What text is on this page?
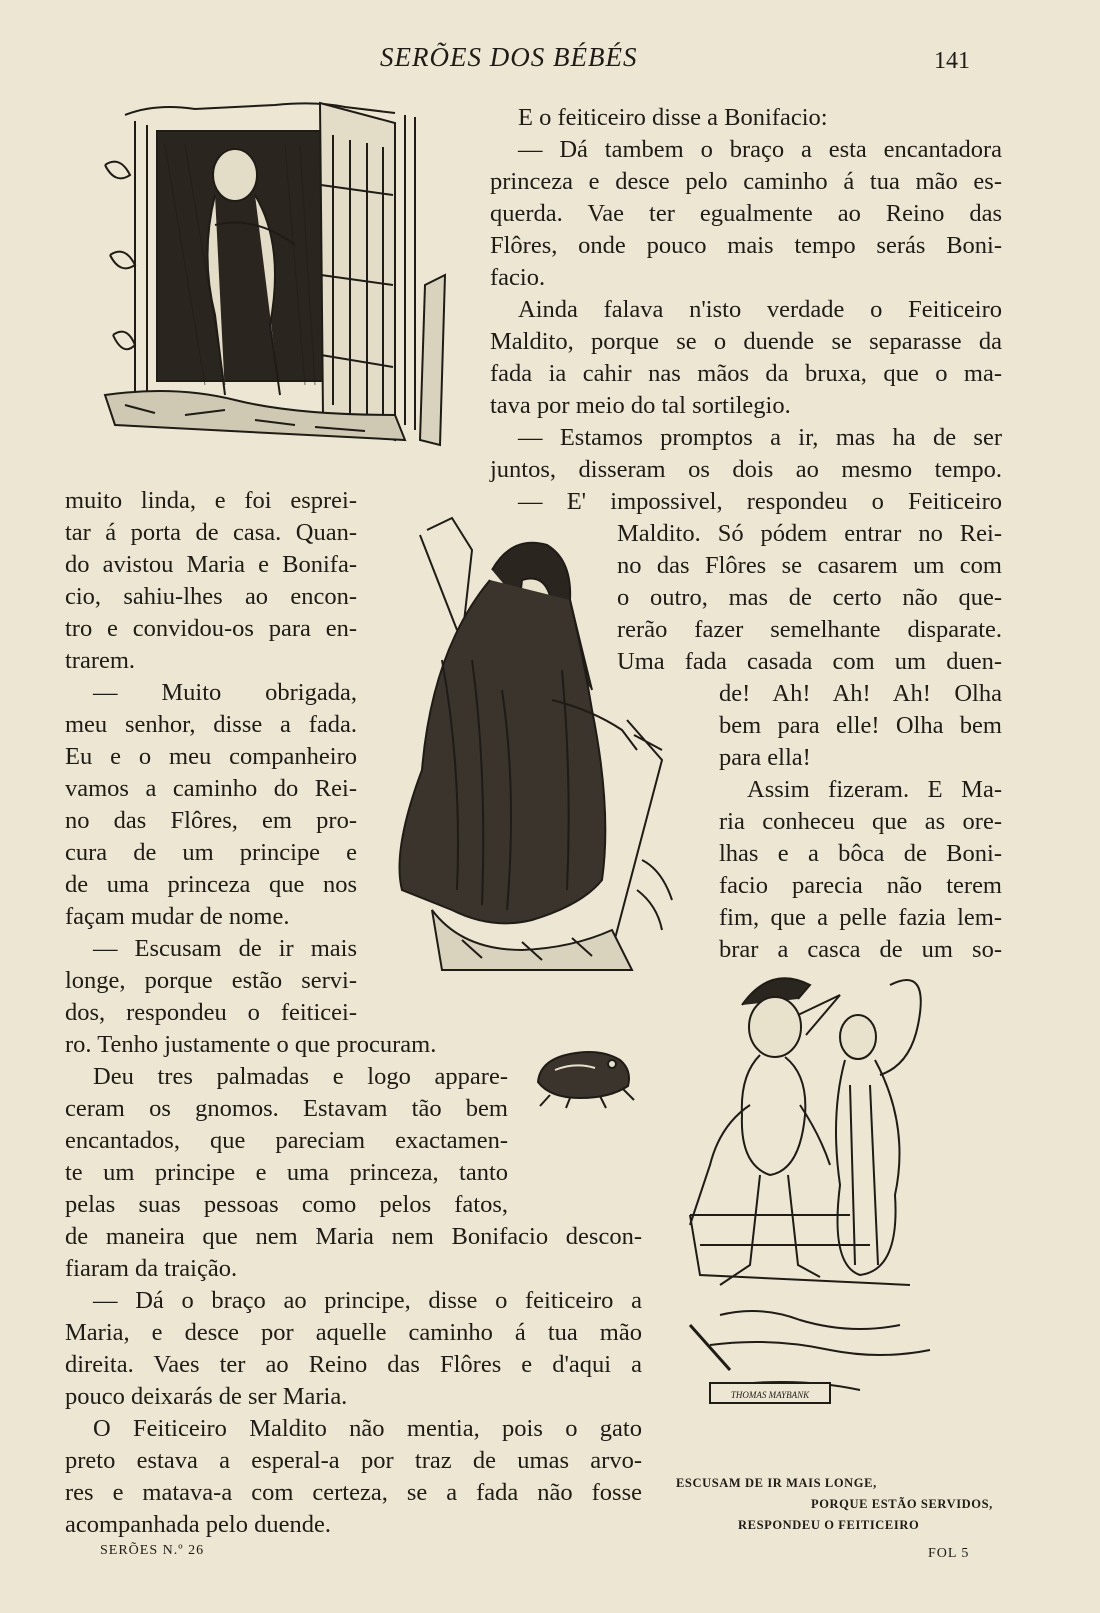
SERÕES DOS BÉBÉS	141
THOMAS MAYBANK
E o feiticeiro disse a Bonifacio:
— Dá tambem o braço a esta encantadora
princeza e desce pelo caminho á tua mão es-
querda. Vae ter egualmente ao Reino das
Flôres, onde pouco mais tempo serás Boni-
facio.
Ainda falava n'isto verdade o Feiticeiro
Maldito, porque se o duende se separasse da
fada ia cahir nas mãos da bruxa, que o ma-
tava por meio do tal sortilegio.
— Estamos promptos a ir, mas ha de ser
juntos, disseram os dois ao mesmo tempo.
— E' impossivel, respondeu o Feiticeiro
Maldito. Só pódem entrar no Rei-
no das Flôres se casarem um com
o outro, mas de certo não que-
rerão fazer semelhante disparate.
Uma fada casada com um duen-
de! Ah! Ah! Ah! Olha
bem para elle! Olha bem
para ella!
Assim fizeram. E Ma-
ria conheceu que as ore-
lhas e a bôca de Boni-
facio parecia não terem
fim, que a pelle fazia lem-
brar a casca de um so-
muito linda, e foi esprei-
tar á porta de casa. Quan-
do avistou Maria e Bonifa-
cio, sahiu-lhes ao encon-
tro e convidou-os para en-
trarem.
— Muito obrigada,
meu senhor, disse a fada.
Eu e o meu companheiro
vamos a caminho do Rei-
no das Flôres, em pro-
cura de um principe e
de uma princeza que nos
façam mudar de nome.
— Escusam de ir mais
longe, porque estão servi-
dos, respondeu o feiticei-
ro. Tenho justamente o que procuram.
Deu tres palmadas e logo appare-
ceram os gnomos. Estavam tão bem
encantados, que pareciam exactamen-
te um principe e uma princeza, tanto
pelas suas pessoas como pelos fatos,
de maneira que nem Maria nem Bonifacio descon-
fiaram da traição.
— Dá o braço ao principe, disse o feiticeiro a
Maria, e desce por aquelle caminho á tua mão
direita. Vaes ter ao Reino das Flôres e d'aqui a
pouco deixarás de ser Maria.
O Feiticeiro Maldito não mentia, pois o gato
preto estava a esperal-a por traz de umas arvo-
res e matava-a com certeza, se a fada não fosse
acompanhada pelo duende.
ESCUSAM DE IR MAIS LONGE,
PORQUE ESTÃO SERVIDOS,
RESPONDEU O FEITICEIRO
SERÕES N.º 26	FOL 5
